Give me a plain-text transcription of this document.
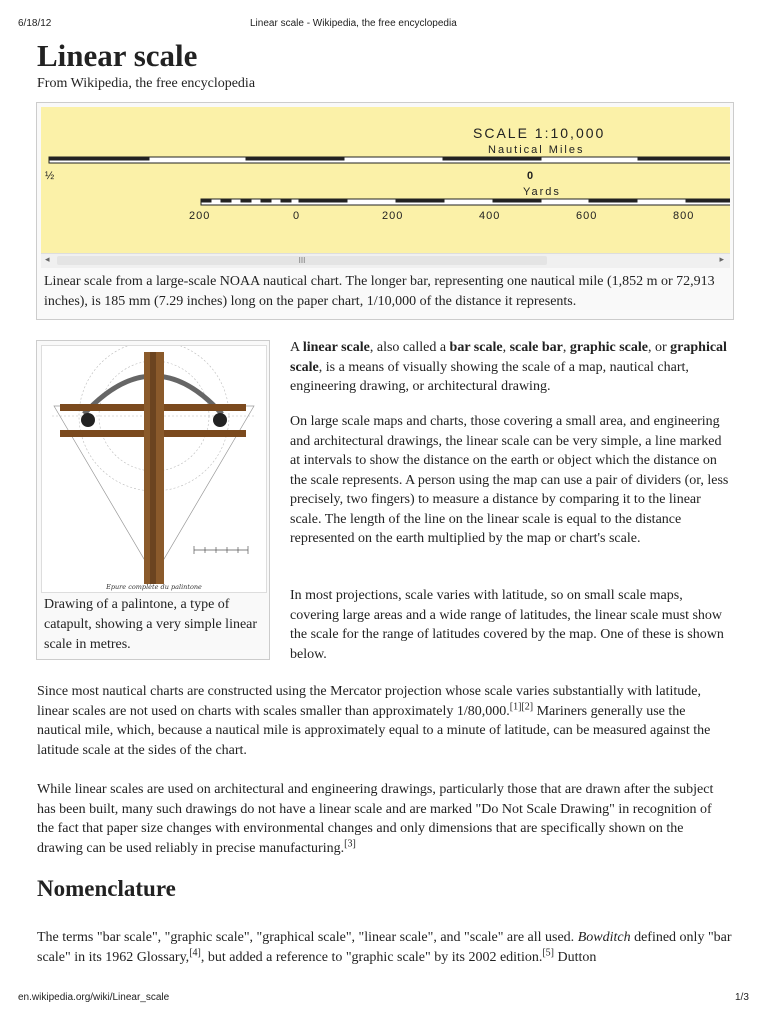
6/18/12	Linear scale - Wikipedia, the free encyclopedia
Linear scale
From Wikipedia, the free encyclopedia
SCALE 1:10,000
Nautical Miles
½	0
Yards
200	0	200	400	600	800
◂	III	▸
Linear scale from a large-scale NOAA nautical chart. The longer bar, representing one nautical mile (1,852 m or 72,913 inches), is 185 mm (7.29 inches) long on the paper chart, 1/10,000 of the distance it represents.
Epure complète du palintone
Drawing of a palintone, a type of catapult, showing a very simple linear scale in metres.

A linear scale, also called a bar scale, scale bar, graphic scale, or graphical scale, is a means of visually showing the scale of a map, nautical chart, engineering drawing, or architectural drawing.

On large scale maps and charts, those covering a small area, and engineering and architectural drawings, the linear scale can be very simple, a line marked at intervals to show the distance on the earth or object which the distance on the scale represents. A person using the map can use a pair of dividers (or, less precisely, two fingers) to measure a distance by comparing it to the linear scale. The length of the line on the linear scale is equal to the distance represented on the earth multiplied by the map or chart's scale.

In most projections, scale varies with latitude, so on small scale maps, covering large areas and a wide range of latitudes, the linear scale must show the scale for the range of latitudes covered by the map. One of these is shown below.

Since most nautical charts are constructed using the Mercator projection whose scale varies substantially with latitude, linear scales are not used on charts with scales smaller than approximately 1/80,000.[1][2] Mariners generally use the nautical mile, which, because a nautical mile is approximately equal to a minute of latitude, can be measured against the latitude scale at the sides of the chart.

While linear scales are used on architectural and engineering drawings, particularly those that are drawn after the subject has been built, many such drawings do not have a linear scale and are marked "Do Not Scale Drawing" in recognition of the fact that paper size changes with environmental changes and only dimensions that are specifically shown on the drawing can be used reliably in precise manufacturing.[3]

Nomenclature

The terms "bar scale", "graphic scale", "graphical scale", "linear scale", and "scale" are all used. Bowditch defined only "bar scale" in its 1962 Glossary,[4], but added a reference to "graphic scale" by its 2002 edition.[5] Dutton

en.wikipedia.org/wiki/Linear_scale	1/3
